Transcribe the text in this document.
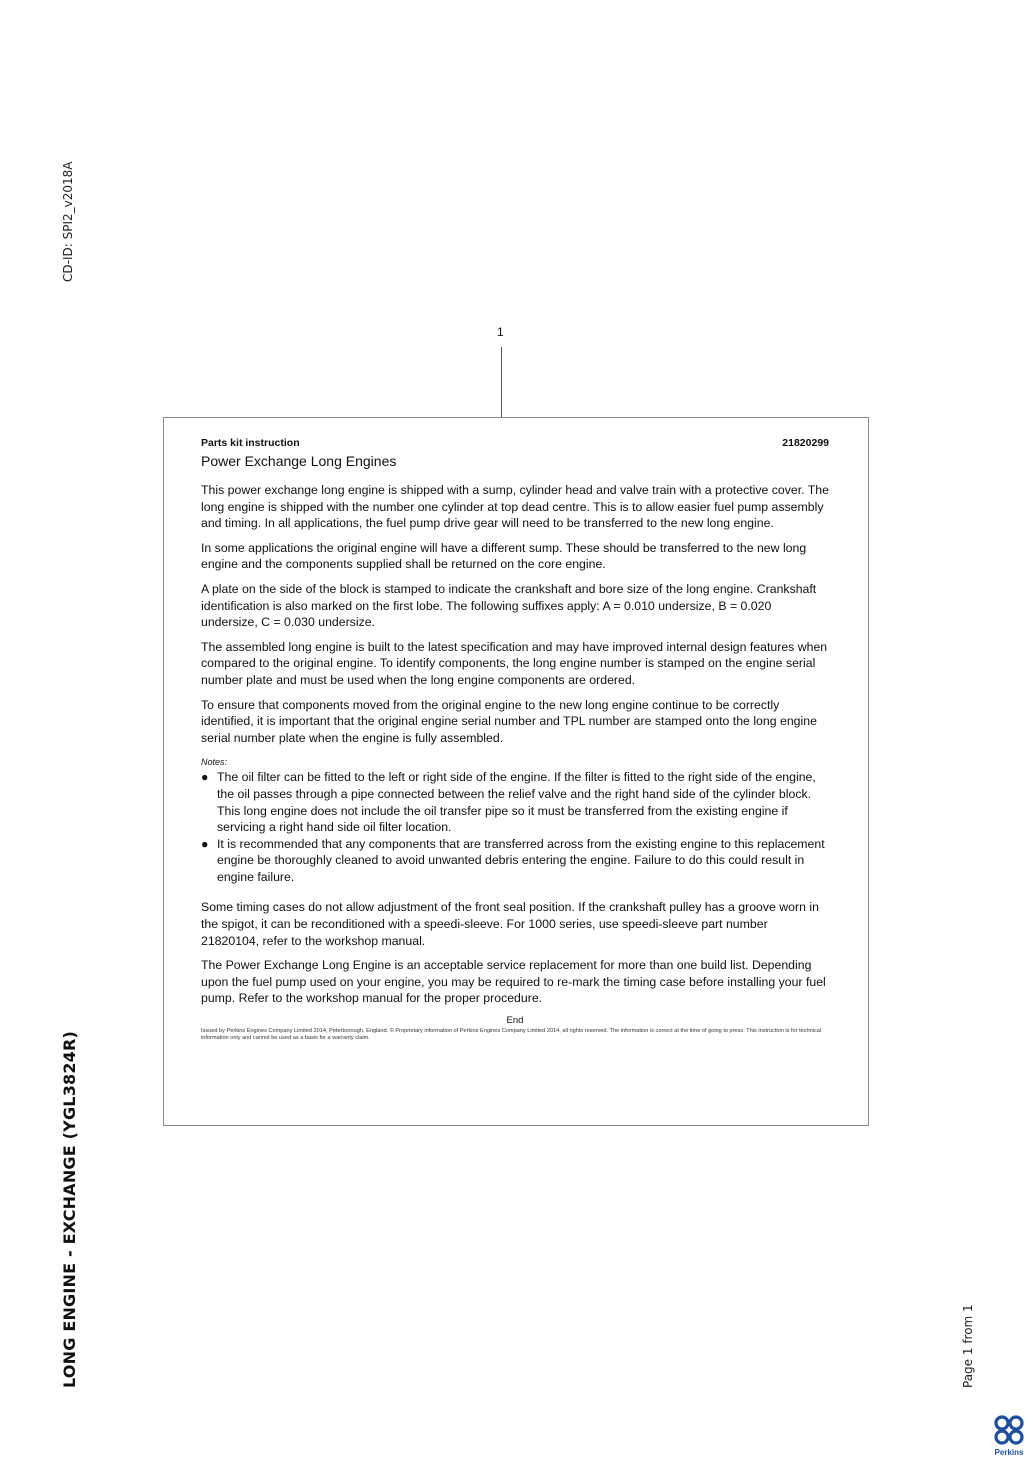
CD-ID: SPI2_v2018A
LONG ENGINE - EXCHANGE (YGL3824R)	Page 1 from 1
1
Parts kit instruction	21820299
Power Exchange Long Engines

This power exchange long engine is shipped with a sump, cylinder head and valve train with a protective cover. The long engine is shipped with the number one cylinder at top dead centre. This is to allow easier fuel pump assembly and timing. In all applications, the fuel pump drive gear will need to be transferred to the new long engine.

In some applications the original engine will have a different sump. These should be transferred to the new long engine and the components supplied shall be returned on the core engine.

A plate on the side of the block is stamped to indicate the crankshaft and bore size of the long engine. Crankshaft identification is also marked on the first lobe. The following suffixes apply: A = 0.010 undersize, B = 0.020 undersize, C = 0.030 undersize.

The assembled long engine is built to the latest specification and may have improved internal design features when compared to the original engine. To identify components, the long engine number is stamped on the engine serial number plate and must be used when the long engine components are ordered.

To ensure that components moved from the original engine to the new long engine continue to be correctly identified, it is important that the original engine serial number and TPL number are stamped onto the long engine serial number plate when the engine is fully assembled.

Notes:
● The oil filter can be fitted to the left or right side of the engine. If the filter is fitted to the right side of the engine, the oil passes through a pipe connected between the relief valve and the right hand side of the cylinder block. This long engine does not include the oil transfer pipe so it must be transferred from the existing engine if servicing a right hand side oil filter location.
● It is recommended that any components that are transferred across from the existing engine to this replacement engine be thoroughly cleaned to avoid unwanted debris entering the engine. Failure to do this could result in engine failure.

Some timing cases do not allow adjustment of the front seal position. If the crankshaft pulley has a groove worn in the spigot, it can be reconditioned with a speedi-sleeve. For 1000 series, use speedi-sleeve part number 21820104, refer to the workshop manual.

The Power Exchange Long Engine is an acceptable service replacement for more than one build list. Depending upon the fuel pump used on your engine, you may be required to re-mark the timing case before installing your fuel pump. Refer to the workshop manual for the proper procedure.

End
Issued by Perkins Engines Company Limited 2014, Peterborough, England. © Proprietary information of Perkins Engines Company Limited 2014, all rights reserved. The information is correct at the time of going to press. This instruction is for technical information only and cannot be used as a basis for a warranty claim.
Perkins
